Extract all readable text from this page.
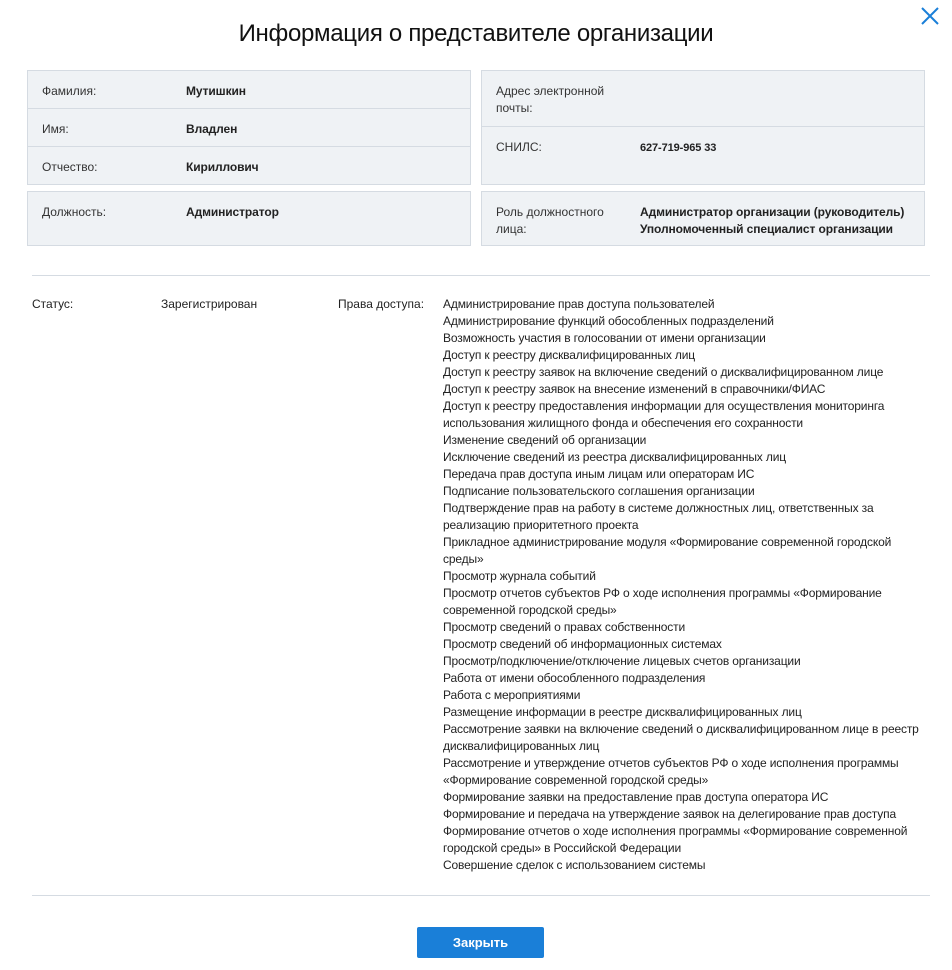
Информация о представителе организации
Фамилия:	Мутишкин
Имя:	Владлен
Отчество:	Кириллович
Должность:	Администратор
Адрес электронной почты:
СНИЛС:	627-719-965 33
Роль должностного лица:
Администратор организации (руководитель)
Уполномоченный специалист организации
Статус:	Зарегистрирован	Права доступа: Администрирование прав доступа пользователей
Администрирование функций обособленных подразделений
Возможность участия в голосовании от имени организации
Доступ к реестру дисквалифицированных лиц
Доступ к реестру заявок на включение сведений о дисквалифицированном лице
Доступ к реестру заявок на внесение изменений в справочники/ФИАС
Доступ к реестру предоставления информации для осуществления мониторинга использования жилищного фонда и обеспечения его сохранности
Изменение сведений об организации
Исключение сведений из реестра дисквалифицированных лиц
Передача прав доступа иным лицам или операторам ИС
Подписание пользовательского соглашения организации
Подтверждение прав на работу в системе должностных лиц, ответственных за реализацию приоритетного проекта
Прикладное администрирование модуля «Формирование современной городской среды»
Просмотр журнала событий
Просмотр отчетов субъектов РФ о ходе исполнения программы «Формирование современной городской среды»
Просмотр сведений о правах собственности
Просмотр сведений об информационных системах
Просмотр/подключение/отключение лицевых счетов организации
Работа от имени обособленного подразделения
Работа с мероприятиями
Размещение информации в реестре дисквалифицированных лиц
Рассмотрение заявки на включение сведений о дисквалифицированном лице в реестр дисквалифицированных лиц
Рассмотрение и утверждение отчетов субъектов РФ о ходе исполнения программы «Формирование современной городской среды»
Формирование заявки на предоставление прав доступа оператора ИС
Формирование и передача на утверждение заявок на делегирование прав доступа
Формирование отчетов о ходе исполнения программы «Формирование современной городской среды» в Российской Федерации
Совершение сделок с использованием системы
Закрыть
